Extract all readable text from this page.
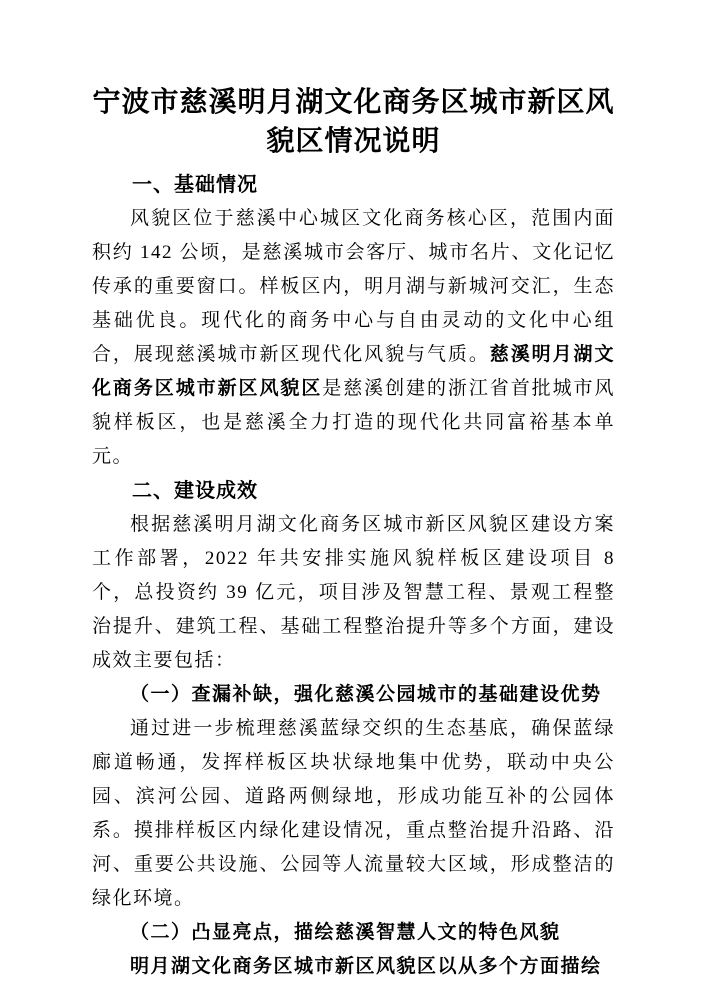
宁波市慈溪明月湖文化商务区城市新区风貌区情况说明
一、基础情况

风貌区位于慈溪中心城区文化商务核心区，范围内面积约 142 公顷，是慈溪城市会客厅、城市名片、文化记忆传承的重要窗口。样板区内，明月湖与新城河交汇，生态基础优良。现代化的商务中心与自由灵动的文化中心组合，展现慈溪城市新区现代化风貌与气质。慈溪明月湖文化商务区城市新区风貌区是慈溪创建的浙江省首批城市风貌样板区，也是慈溪全力打造的现代化共同富裕基本单元。

二、建设成效

根据慈溪明月湖文化商务区城市新区风貌区建设方案工作部署，2022 年共安排实施风貌样板区建设项目 8 个，总投资约 39 亿元，项目涉及智慧工程、景观工程整治提升、建筑工程、基础工程整治提升等多个方面，建设成效主要包括：

（一）查漏补缺，强化慈溪公园城市的基础建设优势

通过进一步梳理慈溪蓝绿交织的生态基底，确保蓝绿廊道畅通，发挥样板区块状绿地集中优势，联动中央公园、滨河公园、道路两侧绿地，形成功能互补的公园体系。摸排样板区内绿化建设情况，重点整治提升沿路、沿河、重要公共设施、公园等人流量较大区域，形成整洁的绿化环境。

（二）凸显亮点，描绘慈溪智慧人文的特色风貌

明月湖文化商务区城市新区风貌区以从多个方面描绘
